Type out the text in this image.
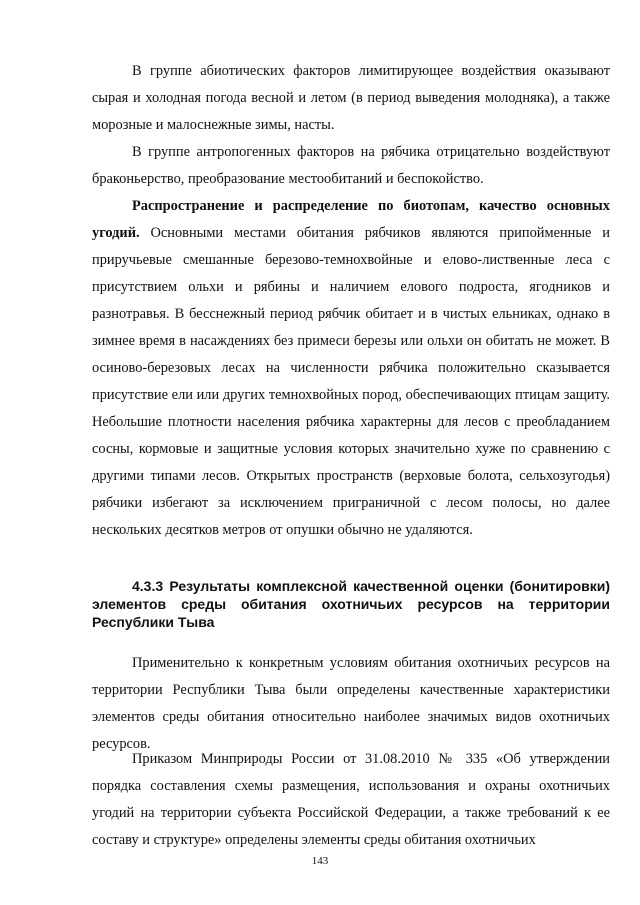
В группе абиотических факторов лимитирующее воздействия оказывают сырая и холодная погода весной и летом (в период выведения молодняка), а также морозные и малоснежные зимы, насты.

В группе антропогенных факторов на рябчика отрицательно воздействуют браконьерство, преобразование местообитаний и беспокойство.

Распространение и распределение по биотопам, качество основных угодий. Основными местами обитания рябчиков являются припойменные и приручьевые смешанные березово-темнохвойные и елово-лиственные леса с присутствием ольхи и рябины и наличием елового подроста, ягодников и разнотравья. В бесснежный период рябчик обитает и в чистых ельниках, однако в зимнее время в насаждениях без примеси березы или ольхи он обитать не может. В осиново-березовых лесах на численности рябчика положительно сказывается присутствие ели или других темнохвойных пород, обеспечивающих птицам защиту. Небольшие плотности населения рябчика характерны для лесов с преобладанием сосны, кормовые и защитные условия которых значительно хуже по сравнению с другими типами лесов. Открытых пространств (верховые болота, сельхозугодья) рябчики избегают за исключением приграничной с лесом полосы, но далее нескольких десятков метров от опушки обычно не удаляются.

4.3.3 Результаты комплексной качественной оценки (бонитировки) элементов среды обитания охотничьих ресурсов на территории Республики Тыва

Применительно к конкретным условиям обитания охотничьих ресурсов на территории Республики Тыва были определены качественные характеристики элементов среды обитания относительно наиболее значимых видов охотничьих ресурсов.

Приказом Минприроды России от 31.08.2010 № 335 «Об утверждении порядка составления схемы размещения, использования и охраны охотничьих угодий на территории субъекта Российской Федерации, а также требований к ее составу и структуре» определены элементы среды обитания охотничьих

143
